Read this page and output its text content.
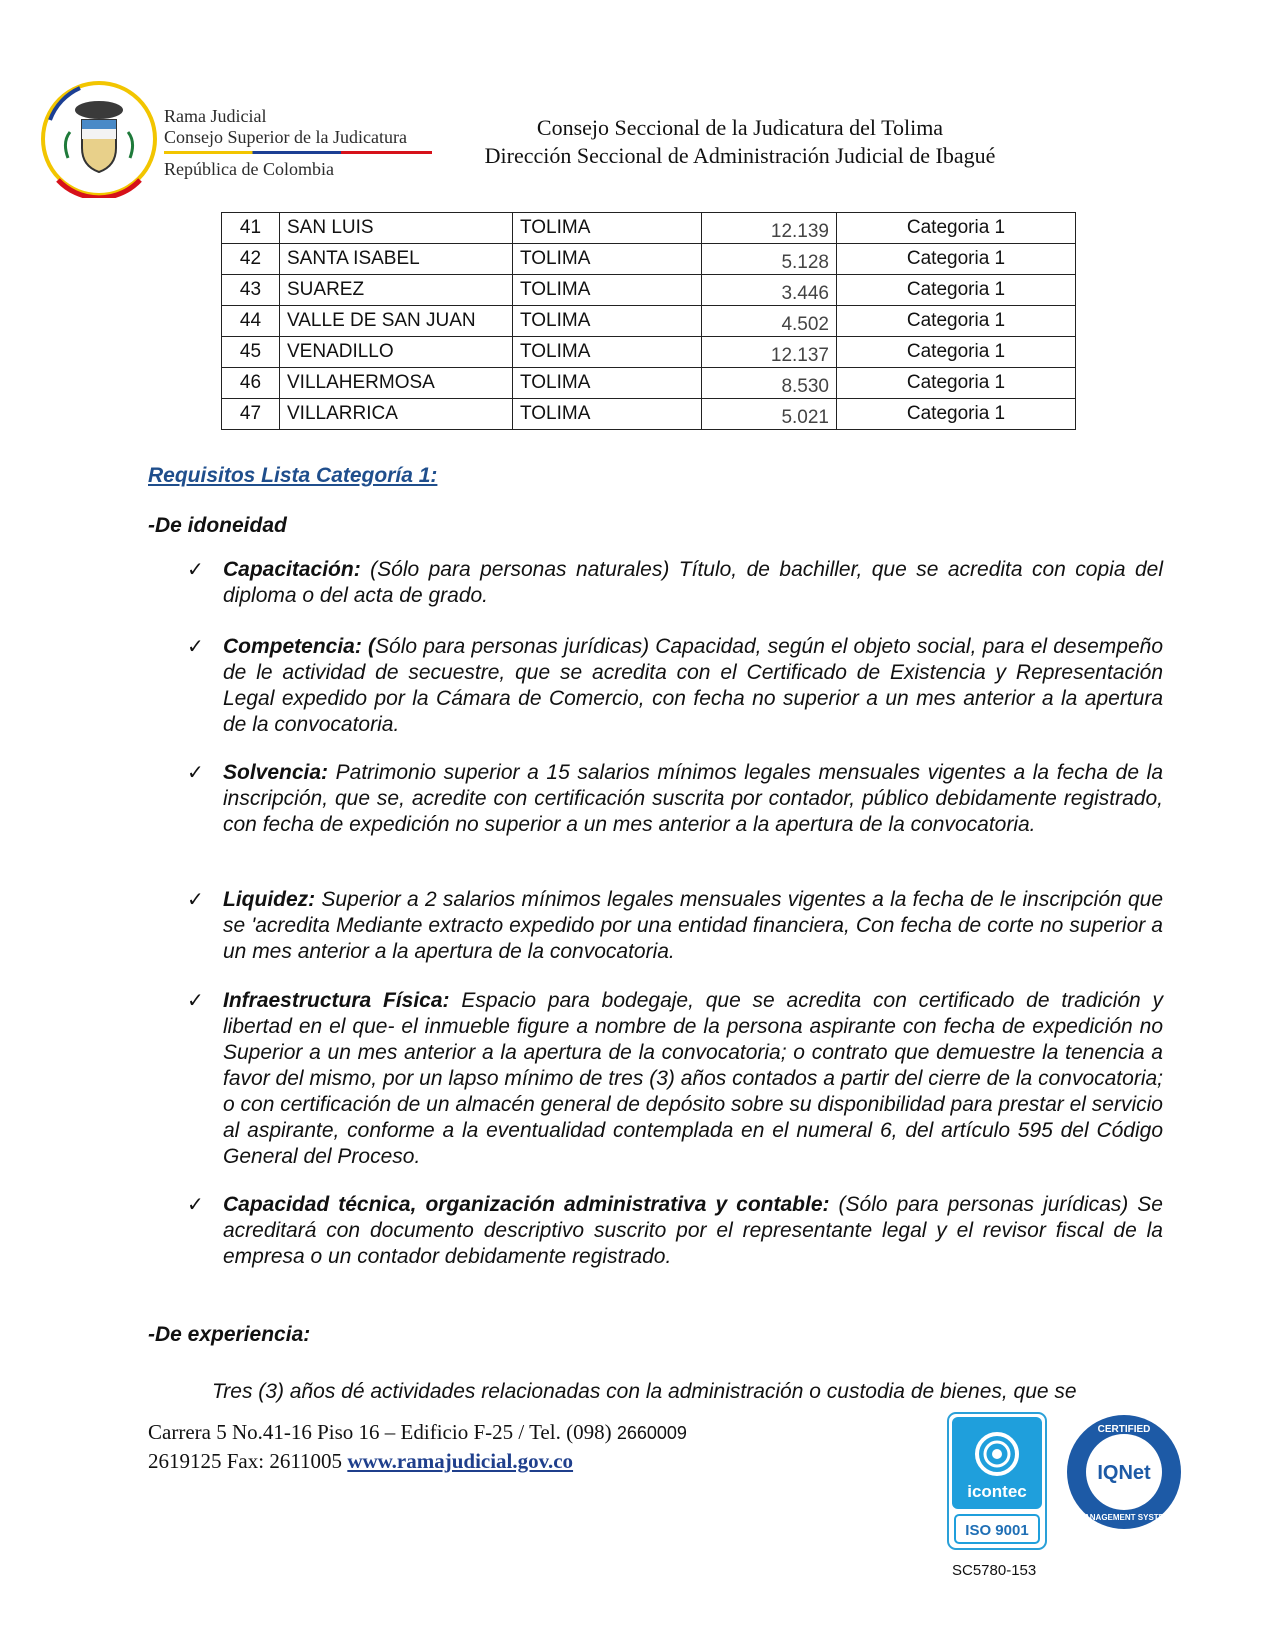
Rama Judicial
Consejo Superior de la Judicatura
República de Colombia
Consejo Seccional de la Judicatura del Tolima
Dirección Seccional de Administración Judicial de Ibagué
41	SAN LUIS	TOLIMA	12.139	Categoria 1
42	SANTA ISABEL	TOLIMA	5.128	Categoria 1
43	SUAREZ	TOLIMA	3.446	Categoria 1
44	VALLE DE SAN JUAN	TOLIMA	4.502	Categoria 1
45	VENADILLO	TOLIMA	12.137	Categoria 1
46	VILLAHERMOSA	TOLIMA	8.530	Categoria 1
47	VILLARRICA	TOLIMA	5.021	Categoria 1
Requisitos Lista Categoría 1:
-De idoneidad
✓ Capacitación: (Sólo para personas naturales) Título, de bachiller, que se acredita con copia del diploma o del acta de grado.
✓ Competencia: (Sólo para personas jurídicas) Capacidad, según el objeto social, para el desempeño de le actividad de secuestre, que se acredita con el Certificado de Existencia y Representación Legal expedido por la Cámara de Comercio, con fecha no superior a un mes anterior a la apertura de la convocatoria.
✓ Solvencia: Patrimonio superior a 15 salarios mínimos legales mensuales vigentes a la fecha de la inscripción, que se, acredite con certificación suscrita por contador, público debidamente registrado, con fecha de expedición no superior a un mes anterior a la apertura de la convocatoria.
✓ Liquidez: Superior a 2 salarios mínimos legales mensuales vigentes a la fecha de le inscripción que se 'acredita Mediante extracto expedido por una entidad financiera, Con fecha de corte no superior a un mes anterior a la apertura de la convocatoria.
✓ Infraestructura Física: Espacio para bodegaje, que se acredita con certificado de tradición y libertad en el que- el inmueble figure a nombre de la persona aspirante con fecha de expedición no Superior a un mes anterior a la apertura de la convocatoria; o contrato que demuestre la tenencia a favor del mismo, por un lapso mínimo de tres (3) años contados a partir del cierre de la convocatoria; o con certificación de un almacén general de depósito sobre su disponibilidad para prestar el servicio al aspirante, conforme a la eventualidad contemplada en el numeral 6, del artículo 595 del Código General del Proceso.
✓ Capacidad técnica, organización administrativa y contable: (Sólo para personas jurídicas) Se acreditará con documento descriptivo suscrito por el representante legal y el revisor fiscal de la empresa o un contador debidamente registrado.
-De experiencia:
Tres (3) años dé actividades relacionadas con la administración o custodia de bienes, que se
Carrera 5 No.41-16 Piso 16 – Edificio F-25 / Tel. (098) 2660009
2619125 Fax: 2611005 www.ramajudicial.gov.co
icontec
ISO 9001
CERTIFIED
MANAGEMENT SYSTEM
IQNet
SC5780-153
